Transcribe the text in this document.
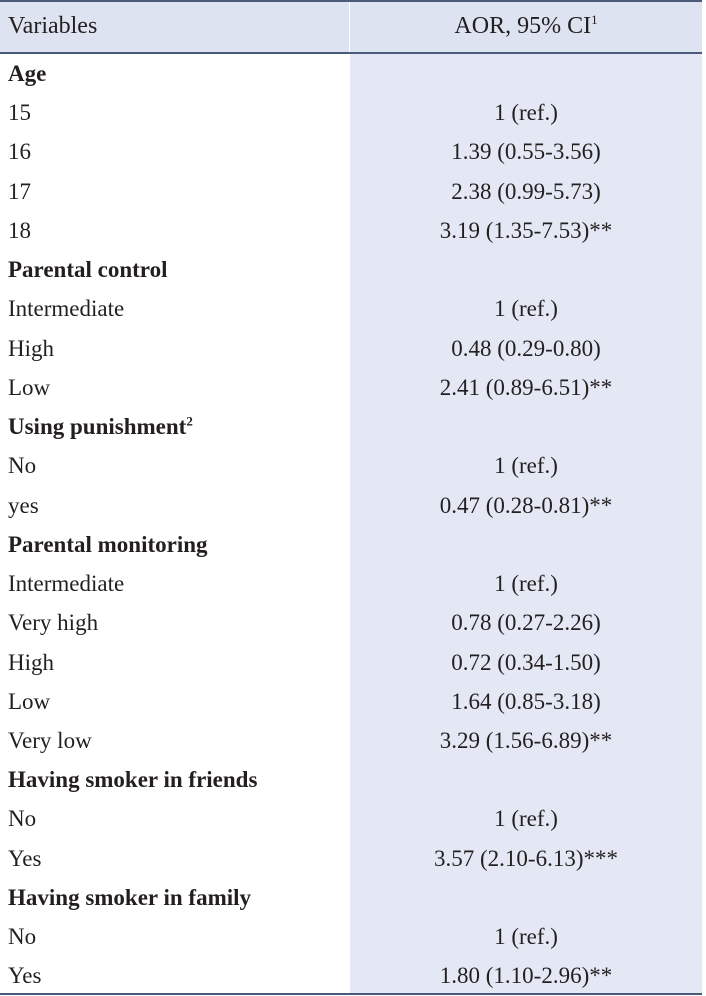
Variables	AOR, 95% $CI^1$
Age
15	1 (ref.)
16	1.39 (0.55-3.56)
17	2.38 (0.99-5.73)
18	3.19 (1.35-7.53)**
Parental control
Intermediate	1 (ref.)
High	0.48 (0.29-0.80)
Low	2.41 (0.89-6.51)**
Using punishment$^2$
No	1 (ref.)
yes	0.47 (0.28-0.81)**
Parental monitoring
Intermediate	1 (ref.)
Very high	0.78 (0.27-2.26)
High	0.72 (0.34-1.50)
Low	1.64 (0.85-3.18)
Very low	3.29 (1.56-6.89)**
Having smoker in friends
No	1 (ref.)
Yes	3.57 (2.10-6.13)***
Having smoker in family
No	1 (ref.)
Yes	1.80 (1.10-2.96)**
